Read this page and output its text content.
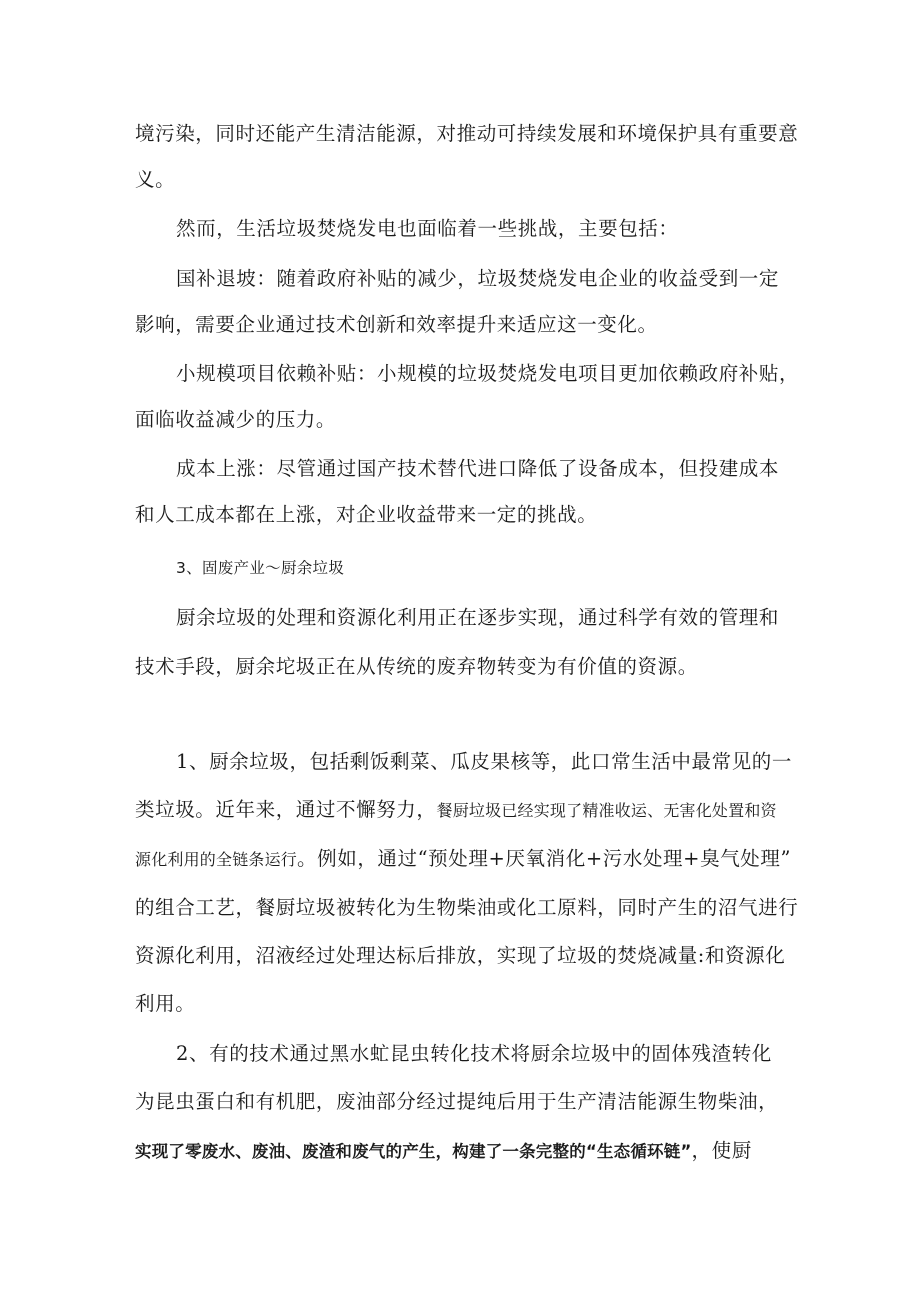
境污染，同时还能产生清洁能源，对推动可持续发展和环境保护具有重要意
义。
然而，生活垃圾焚烧发电也面临着一些挑战，主要包括：
国补退坡：随着政府补贴的减少，垃圾焚烧发电企业的收益受到一定
影响，需要企业通过技术创新和效率提升来适应这一变化。
小规模项目依赖补贴：小规模的垃圾焚烧发电项目更加依赖政府补贴，
面临收益减少的压力。
成本上涨：尽管通过国产技术替代进口降低了设备成本，但投建成本
和人工成本都在上涨，对企业收益带来一定的挑战。
3、固废产业〜厨余垃圾
厨余垃圾的处理和资源化利用正在逐步实现，通过科学有效的管理和
技术手段，厨余坨圾正在从传统的废弃物转变为有价值的资源。
1、厨余垃圾，包括剩饭剩菜、瓜皮果核等，此口常生活中最常见的一
类垃圾。近年来，通过不懈努力，餐厨垃圾已经实现了精准收运、无害化处置和资
源化利用的全链条运行。例如，通过“预处理+厌氧消化+污水处理+臭气处理”
的组合工艺，餐厨垃圾被转化为生物柴油或化工原料，同时产生的沼气进行
资源化利用，沼液经过处理达标后排放，实现了垃圾的焚烧减量:和资源化
利用。
2、有的技术通过黑水虻昆虫转化技术将厨余垃圾中的固体残渣转化
为昆虫蛋白和有机肥，废油部分经过提纯后用于生产清洁能源生物柴油，
实现了零废水、废油、废渣和废气的产生，构建了一条完整的“生态循环链”，使厨
